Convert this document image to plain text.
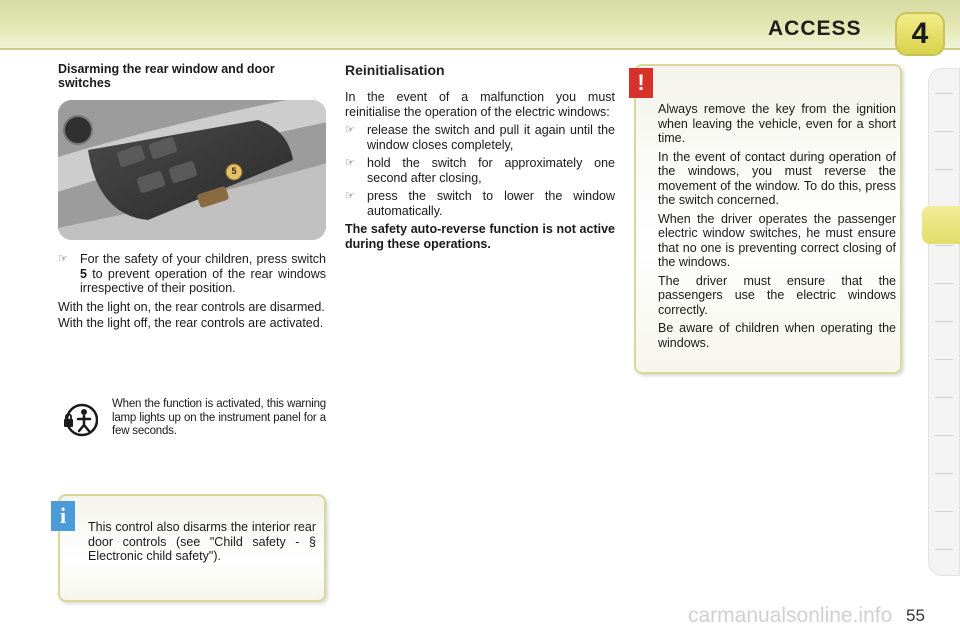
ACCESS	4
Disarming the rear window and door switches
5
☞ For the safety of your children, press switch 5 to prevent operation of the rear windows irrespective of their position.
With the light on, the rear controls are disarmed.
With the light off, the rear controls are activated.
When the function is activated, this warning lamp lights up on the instrument panel for a few seconds.
i	This control also disarms the interior rear door controls (see "Child safety - § Electronic child safety").
Reinitialisation
In the event of a malfunction you must reinitialise the operation of the electric windows:
☞ release the switch and pull it again until the window closes completely,
☞ hold the switch for approximately one second after closing,
☞ press the switch to lower the window automatically.
The safety auto-reverse function is not active during these operations.
!
Always remove the key from the ignition when leaving the vehicle, even for a short time.
In the event of contact during operation of the windows, you must reverse the movement of the window. To do this, press the switch concerned.
When the driver operates the passenger electric window switches, he must ensure that no one is preventing correct closing of the windows.
The driver must ensure that the passengers use the electric windows correctly.
Be aware of children when operating the windows.
carmanualsonline.info 55
